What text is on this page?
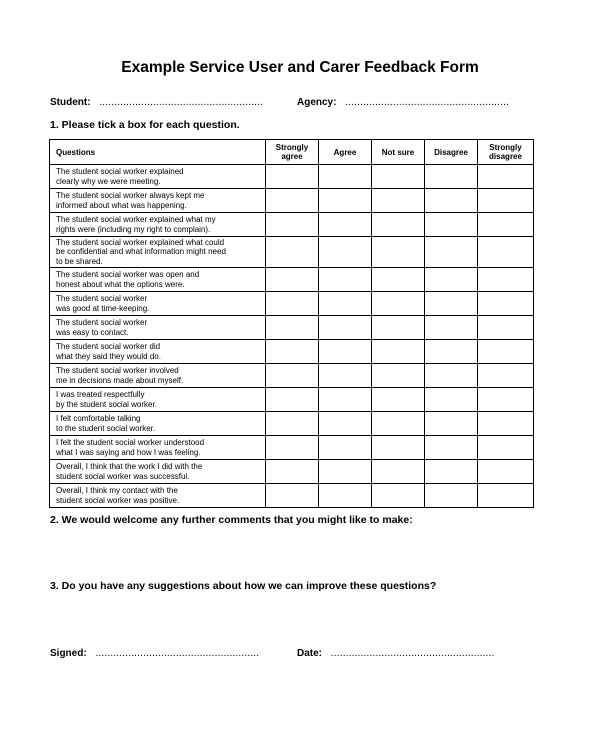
Example Service User and Carer Feedback Form
Student: .......................................................	Agency: .......................................................
1. Please tick a box for each question.
Questions	Strongly agree	Agree	Not sure	Disagree	Strongly disagree

The student social worker explained
clearly why we were meeting.					

The student social worker always kept me
informed about what was happening.					

The student social worker explained what my
rights were (including my right to complain).					

The student social worker explained what could
be confidential and what information might need
to be shared.					

The student social worker was open and
honest about what the options were.					

The student social worker
was good at time-keeping.					

The student social worker
was easy to contact.					

The student social worker did
what they said they would do.					

The student social worker involved
me in decisions made about myself.					

I was treated respectfully
by the student social worker.					

I felt comfortable talking
to the student social worker.					

I felt the student social worker understood
what I was saying and how I was feeling.					

Overall, I think that the work I did with the
student social worker was successful.					

Overall, I think my contact with the
student social worker was positive.					

2. We would welcome any further comments that you might like to make:
3. Do you have any suggestions about how we can improve these questions?
Signed: .......................................................	Date: .......................................................
